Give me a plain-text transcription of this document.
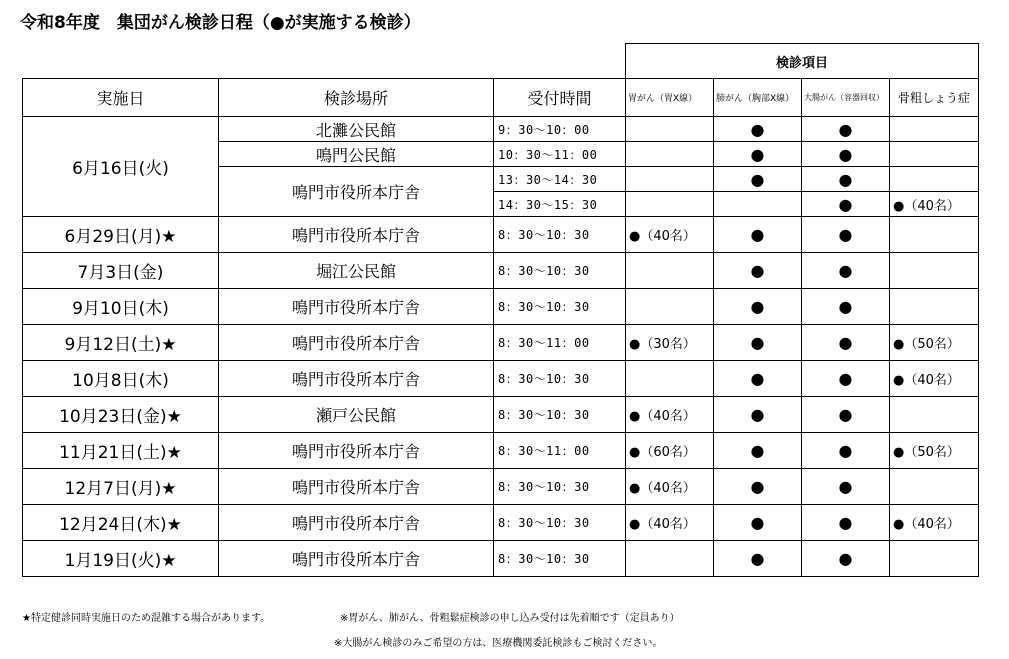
令和8年度　集団がん検診日程（●が実施する検診）
			検診項目			
実施日	検診場所	受付時間	胃がん（胃X線）	肺がん（胸部X線）	大腸がん（容器回収）	骨粗しょう症
6月16日(火)	北灘公民館	9：30～10：00		●	●	
	鳴門公民館	10：30～11：00		●	●	
	鳴門市役所本庁舎	13：30～14：30		●	●	
		14：30～15：30			●	●（40名）
6月29日(月)★	鳴門市役所本庁舎	8：30～10：30	●（40名）	●	●	
7月3日(金)	堀江公民館	8：30～10：30		●	●	
9月10日(木)	鳴門市役所本庁舎	8：30～10：30		●	●	
9月12日(土)★	鳴門市役所本庁舎	8：30～11：00	●（30名）	●	●	●（50名）
10月8日(木)	鳴門市役所本庁舎	8：30～10：30		●	●	●（40名）
10月23日(金)★	瀬戸公民館	8：30～10：30	●（40名）	●	●	
11月21日(土)★	鳴門市役所本庁舎	8：30～11：00	●（60名）	●	●	●（50名）
12月7日(月)★	鳴門市役所本庁舎	8：30～10：30	●（40名）	●	●	
12月24日(木)★	鳴門市役所本庁舎	8：30～10：30	●（40名）	●	●	●（40名）
1月19日(火)★	鳴門市役所本庁舎	8：30～10：30		●	●	
★特定健診同時実施日のため混雑する場合があります。	※胃がん、肺がん、骨粗鬆症検診の申し込み受付は先着順です（定員あり）
※大腸がん検診のみご希望の方は、医療機関委託検診もご検討ください。
